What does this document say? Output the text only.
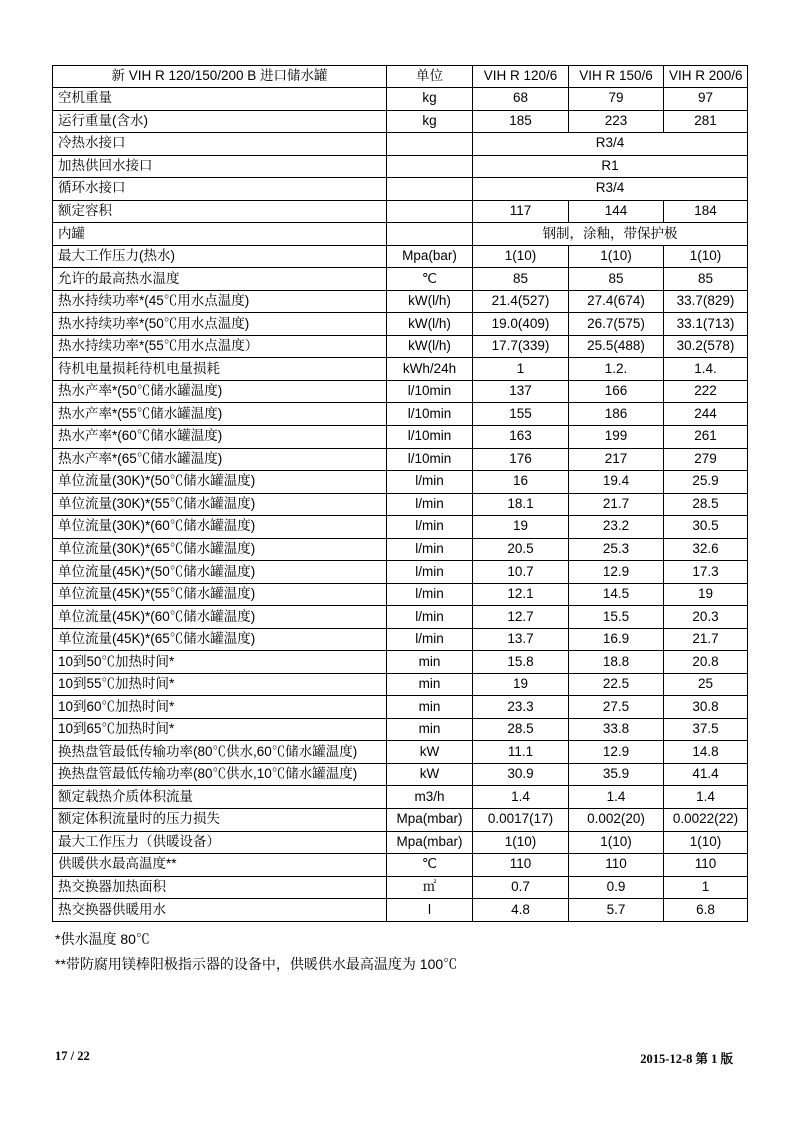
新 VIH R 120/150/200 B 进口储水罐	单位	VIH R 120/6	VIH R 150/6	VIH R 200/6
空机重量	kg	68	79	97
运行重量(含水)	kg	185	223	281
冷热水接口		R3/4		
加热供回水接口		R1		
循环水接口		R3/4		
额定容积		117	144	184
内罐		钢制，涂釉，带保护极		
最大工作压力(热水)	Mpa(bar)	1(10)	1(10)	1(10)
允许的最高热水温度	℃	85	85	85
热水持续功率*(45℃用水点温度)	kW(l/h)	21.4(527)	27.4(674)	33.7(829)
热水持续功率*(50℃用水点温度)	kW(l/h)	19.0(409)	26.7(575)	33.1(713)
热水持续功率*(55℃用水点温度）	kW(l/h)	17.7(339)	25.5(488)	30.2(578)
待机电量损耗待机电量损耗	kWh/24h	1	1.2.	1.4.
热水产率*(50℃储水罐温度)	l/10min	137	166	222
热水产率*(55℃储水罐温度)	l/10min	155	186	244
热水产率*(60℃储水罐温度)	l/10min	163	199	261
热水产率*(65℃储水罐温度)	l/10min	176	217	279
单位流量(30K)*(50℃储水罐温度)	l/min	16	19.4	25.9
单位流量(30K)*(55℃储水罐温度)	l/min	18.1	21.7	28.5
单位流量(30K)*(60℃储水罐温度)	l/min	19	23.2	30.5
单位流量(30K)*(65℃储水罐温度)	l/min	20.5	25.3	32.6
单位流量(45K)*(50℃储水罐温度)	l/min	10.7	12.9	17.3
单位流量(45K)*(55℃储水罐温度)	l/min	12.1	14.5	19
单位流量(45K)*(60℃储水罐温度)	l/min	12.7	15.5	20.3
单位流量(45K)*(65℃储水罐温度)	l/min	13.7	16.9	21.7
10到50℃加热时间*	min	15.8	18.8	20.8
10到55℃加热时间*	min	19	22.5	25
10到60℃加热时间*	min	23.3	27.5	30.8
10到65℃加热时间*	min	28.5	33.8	37.5
换热盘管最低传输功率(80℃供水,60℃储水罐温度)	kW	11.1	12.9	14.8
换热盘管最低传输功率(80℃供水,10℃储水罐温度)	kW	30.9	35.9	41.4
额定载热介质体积流量	m3/h	1.4	1.4	1.4
额定体积流量时的压力损失	Mpa(mbar)	0.0017(17)	0.002(20)	0.0022(22)
最大工作压力（供暖设备）	Mpa(mbar)	1(10)	1(10)	1(10)
供暖供水最高温度**	℃	110	110	110
热交换器加热面积	㎡	0.7	0.9	1
热交换器供暖用水	l	4.8	5.7	6.8
*供水温度 80℃
**带防腐用镁棒阳极指示器的设备中，供暖供水最高温度为 100℃
17 / 22	2015-12-8 第 1 版
